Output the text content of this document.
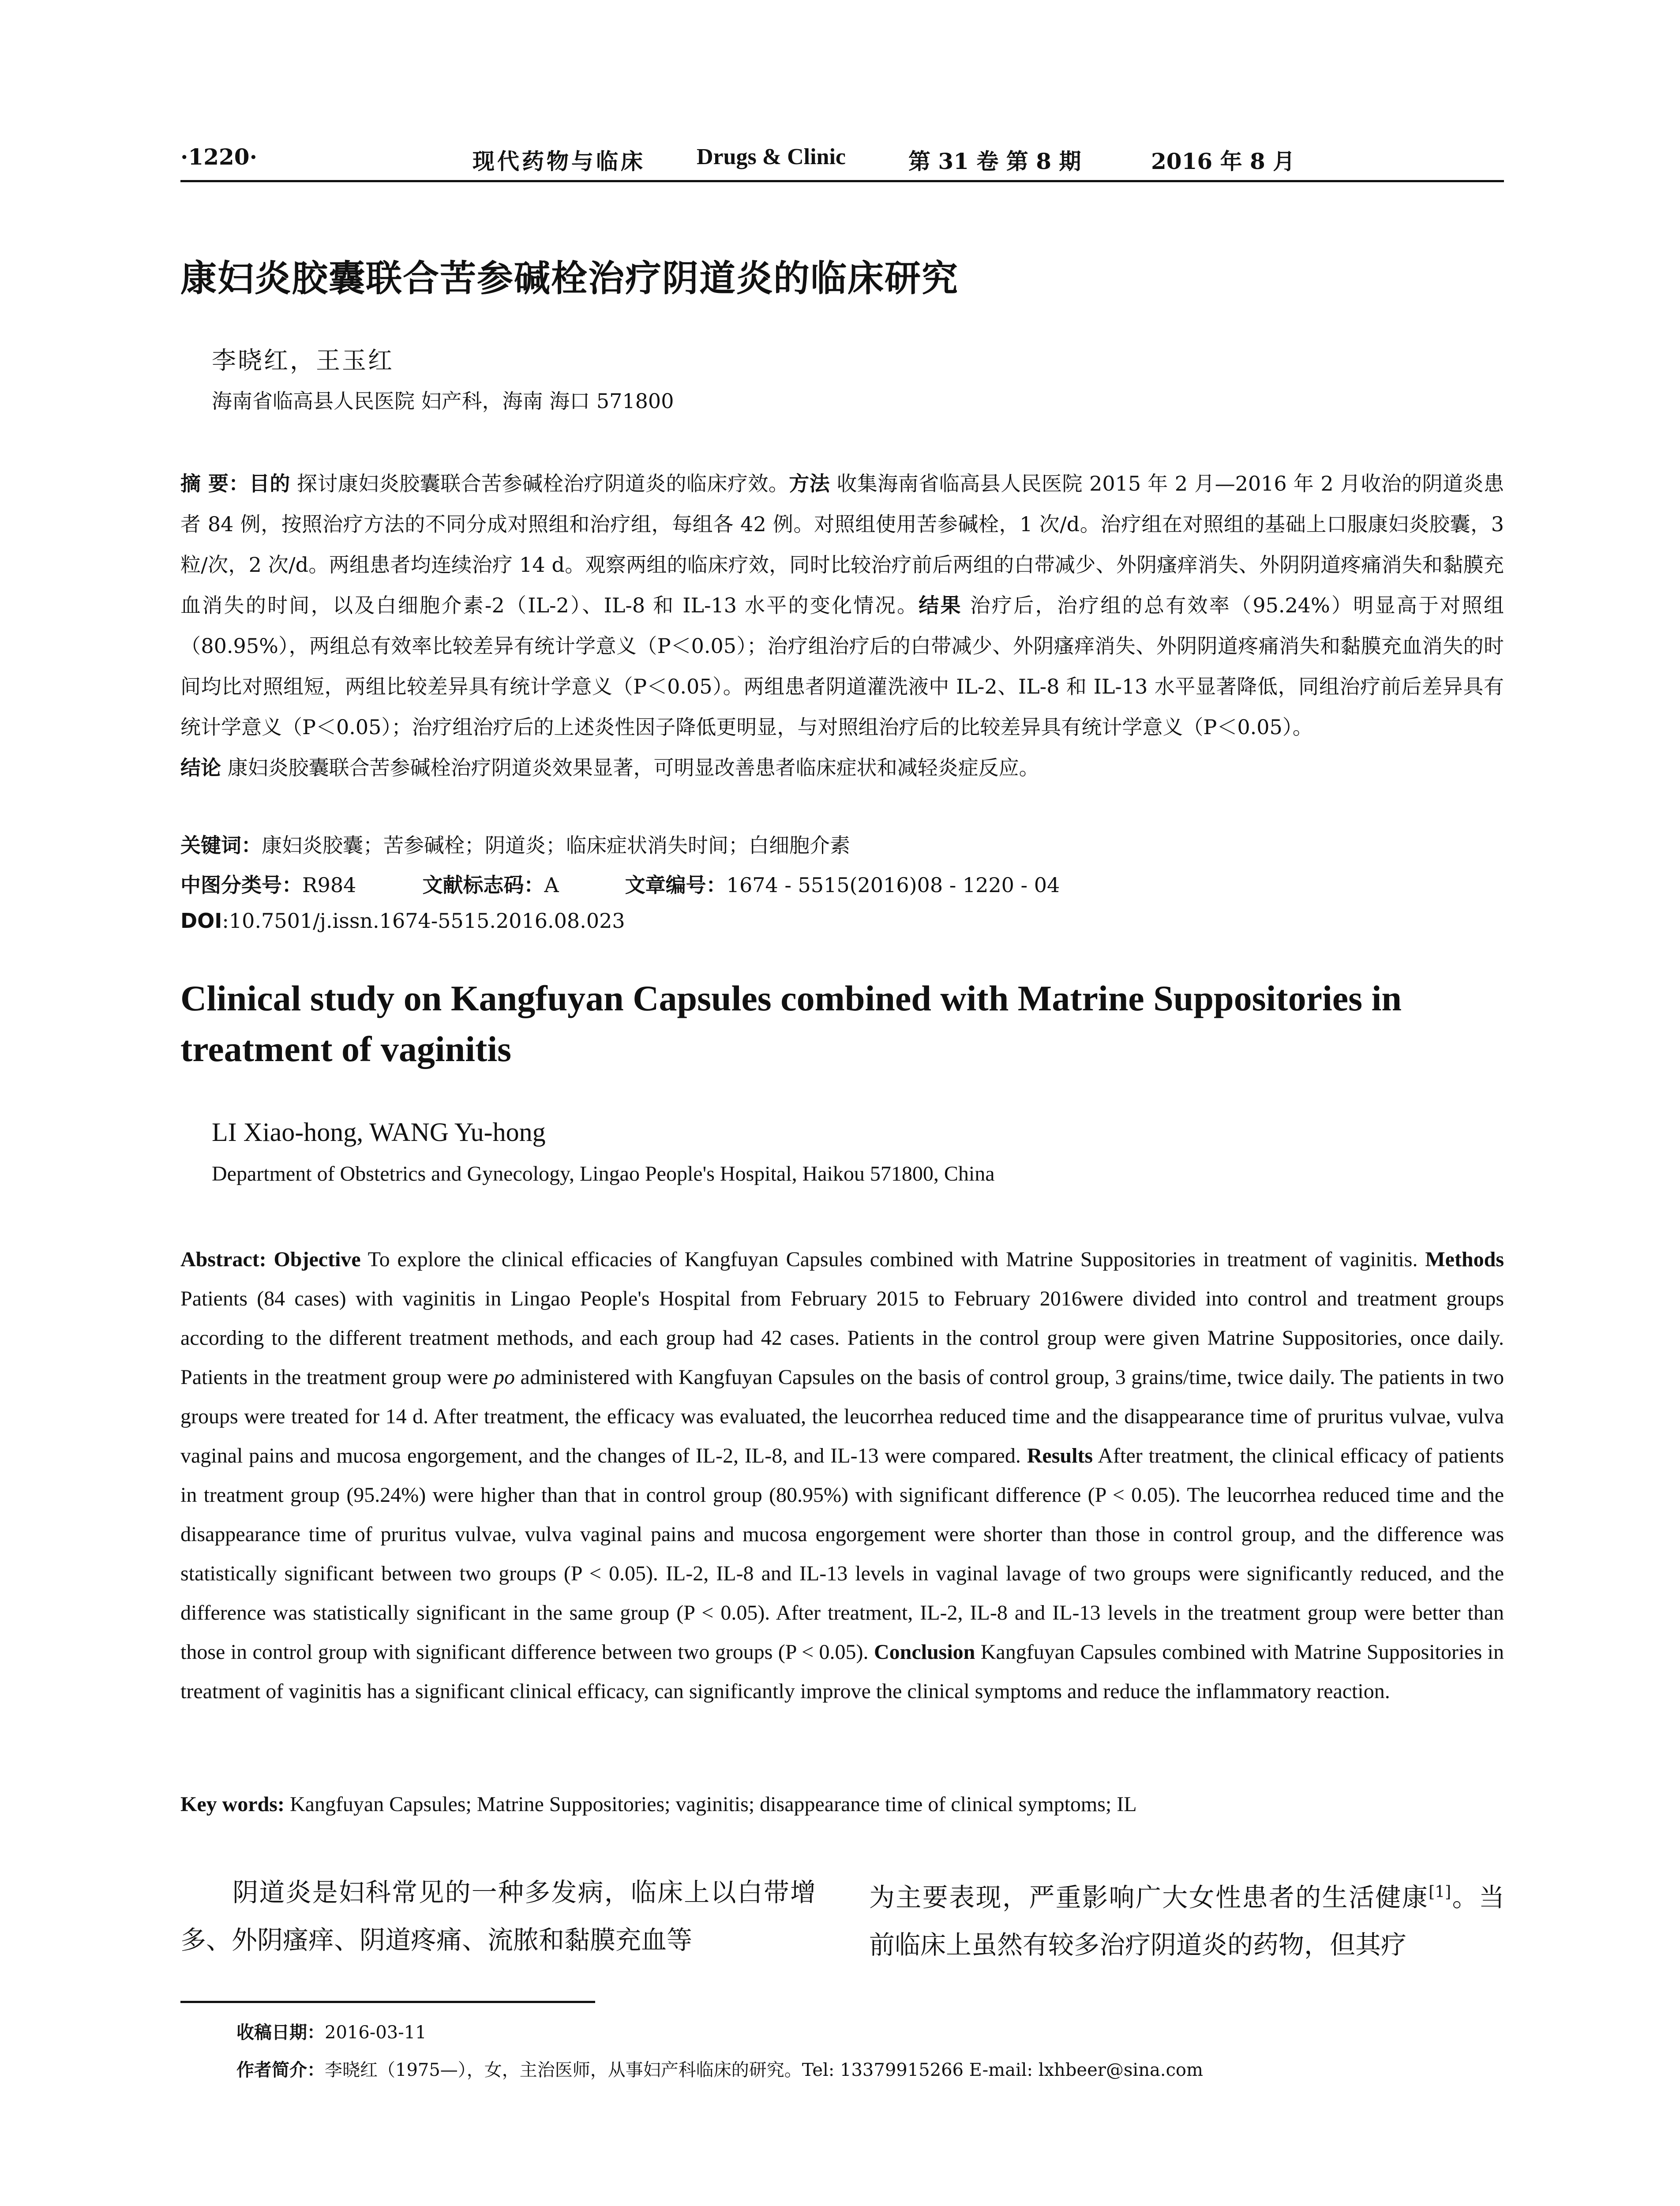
·1220·	现代药物与临床 Drugs & Clinic	第 31 卷 第 8 期	2016 年 8 月
康妇炎胶囊联合苦参碱栓治疗阴道炎的临床研究
李晓红，王玉红
海南省临高县人民医院 妇产科，海南 海口 571800
摘 要：目的 探讨康妇炎胶囊联合苦参碱栓治疗阴道炎的临床疗效。方法 收集海南省临高县人民医院 2015 年 2 月—2016 年 2 月收治的阴道炎患者 84 例，按照治疗方法的不同分成对照组和治疗组，每组各 42 例。对照组使用苦参碱栓，1 次/d。治疗组在对照组的基础上口服康妇炎胶囊，3 粒/次，2 次/d。两组患者均连续治疗 14 d。观察两组的临床疗效，同时比较治疗前后两组的白带减少、外阴瘙痒消失、外阴阴道疼痛消失和黏膜充血消失的时间，以及白细胞介素-2（IL-2）、IL-8 和 IL-13 水平的变化情况。结果 治疗后，治疗组的总有效率（95.24%）明显高于对照组（80.95%），两组总有效率比较差异有统计学意义（P＜0.05）；治疗组治疗后的白带减少、外阴瘙痒消失、外阴阴道疼痛消失和黏膜充血消失的时间均比对照组短，两组比较差异具有统计学意义（P＜0.05）。两组患者阴道灌洗液中 IL-2、IL-8 和 IL-13 水平显著降低，同组治疗前后差异具有统计学意义（P＜0.05）；治疗组治疗后的上述炎性因子降低更明显，与对照组治疗后的比较差异具有统计学意义（P＜0.05）。
结论 康妇炎胶囊联合苦参碱栓治疗阴道炎效果显著，可明显改善患者临床症状和减轻炎症反应。
关键词：康妇炎胶囊；苦参碱栓；阴道炎；临床症状消失时间；白细胞介素
中图分类号：R984	文献标志码：A	文章编号：1674 - 5515(2016)08 - 1220 - 04
DOI:10.7501/j.issn.1674-5515.2016.08.023
Clinical study on Kangfuyan Capsules combined with Matrine Suppositories in treatment of vaginitis
LI Xiao-hong, WANG Yu-hong
Department of Obstetrics and Gynecology, Lingao People's Hospital, Haikou 571800, China
Abstract: Objective To explore the clinical efficacies of Kangfuyan Capsules combined with Matrine Suppositories in treatment of vaginitis. Methods Patients (84 cases) with vaginitis in Lingao People's Hospital from February 2015 to February 2016were divided into control and treatment groups according to the different treatment methods, and each group had 42 cases. Patients in the control group were given Matrine Suppositories, once daily. Patients in the treatment group were po administered with Kangfuyan Capsules on the basis of control group, 3 grains/time, twice daily. The patients in two groups were treated for 14 d. After treatment, the efficacy was evaluated, the leucorrhea reduced time and the disappearance time of pruritus vulvae, vulva vaginal pains and mucosa engorgement, and the changes of IL-2, IL-8, and IL-13 were compared. Results After treatment, the clinical efficacy of patients in treatment group (95.24%) were higher than that in control group (80.95%) with significant difference (P < 0.05). The leucorrhea reduced time and the disappearance time of pruritus vulvae, vulva vaginal pains and mucosa engorgement were shorter than those in control group, and the difference was statistically significant between two groups (P < 0.05). IL-2, IL-8 and IL-13 levels in vaginal lavage of two groups were significantly reduced, and the difference was statistically significant in the same group (P < 0.05). After treatment, IL-2, IL-8 and IL-13 levels in the treatment group were better than those in control group with significant difference between two groups (P < 0.05). Conclusion Kangfuyan Capsules combined with Matrine Suppositories in treatment of vaginitis has a significant clinical efficacy, can significantly improve the clinical symptoms and reduce the inflammatory reaction.
Key words: Kangfuyan Capsules; Matrine Suppositories; vaginitis; disappearance time of clinical symptoms; IL
阴道炎是妇科常见的一种多发病，临床上以白带增多、外阴瘙痒、阴道疼痛、流脓和黏膜充血等
为主要表现，严重影响广大女性患者的生活健康[1]。当前临床上虽然有较多治疗阴道炎的药物，但其疗
收稿日期：2016-03-11
作者简介：李晓红（1975—），女，主治医师，从事妇产科临床的研究。Tel: 13379915266 E-mail: lxhbeer@sina.com
